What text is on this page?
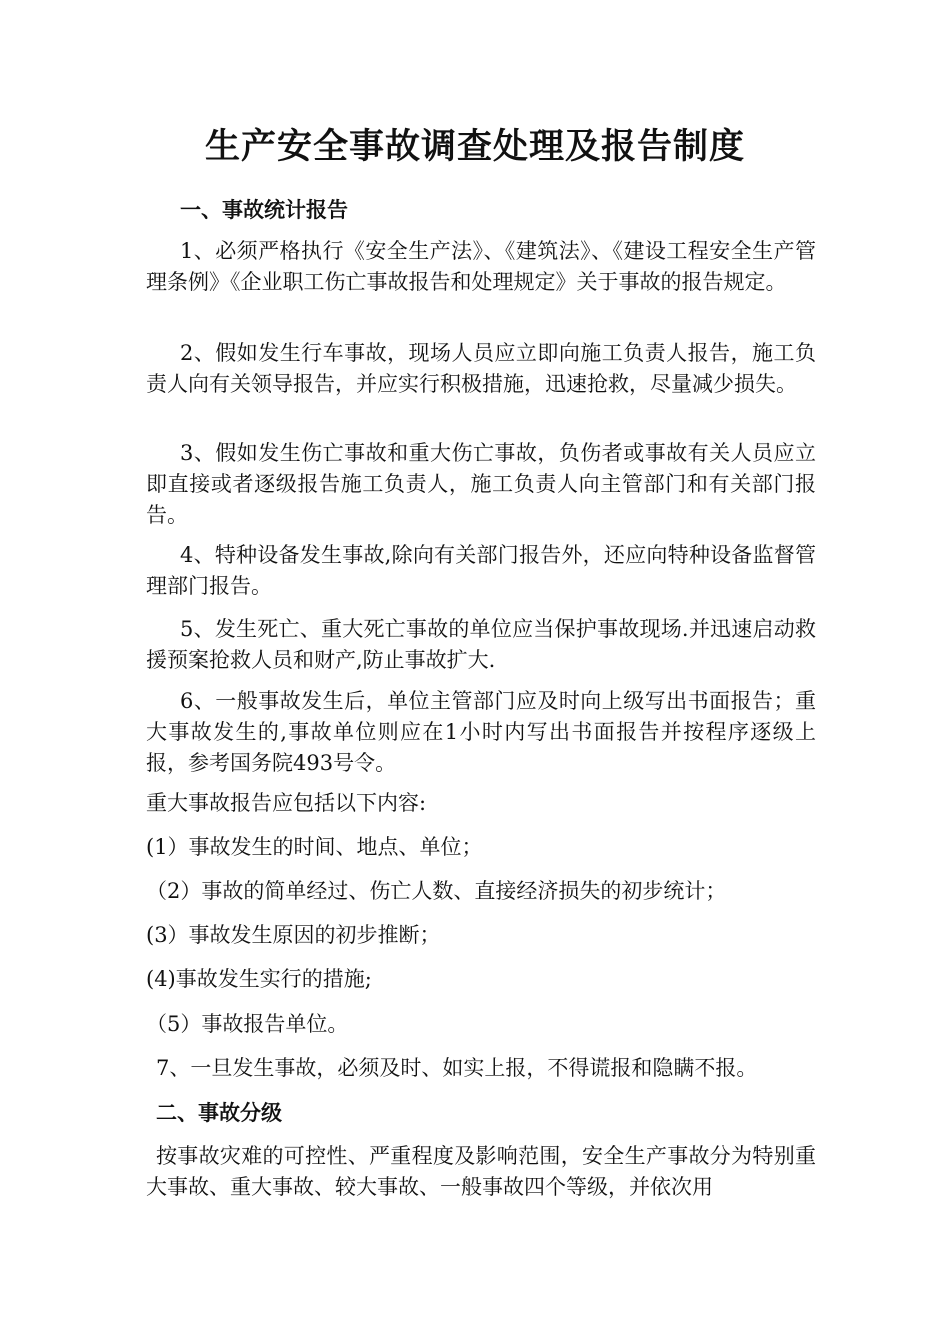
生产安全事故调查处理及报告制度
一、事故统计报告
1、必须严格执行《安全生产法》、《建筑法》、《建设工程安全生产管理条例》《企业职工伤亡事故报告和处理规定》关于事故的报告规定。
2、假如发生行车事故，现场人员应立即向施工负责人报告，施工负责人向有关领导报告，并应实行积极措施，迅速抢救，尽量减少损失。
3、假如发生伤亡事故和重大伤亡事故，负伤者或事故有关人员应立即直接或者逐级报告施工负责人，施工负责人向主管部门和有关部门报告。
4、特种设备发生事故,除向有关部门报告外，还应向特种设备监督管理部门报告。
5、发生死亡、重大死亡事故的单位应当保护事故现场.并迅速启动救援预案抢救人员和财产,防止事故扩大.
6、一般事故发生后，单位主管部门应及时向上级写出书面报告；重大事故发生的,事故单位则应在1小时内写出书面报告并按程序逐级上报，参考国务院493号令。
重大事故报告应包括以下内容:
(1）事故发生的时间、地点、单位；
（2）事故的简单经过、伤亡人数、直接经济损失的初步统计；
(3）事故发生原因的初步推断；
(4)事故发生实行的措施;
（5）事故报告单位。
7、一旦发生事故，必须及时、如实上报，不得谎报和隐瞒不报。
二、事故分级
按事故灾难的可控性、严重程度及影响范围，安全生产事故分为特别重大事故、重大事故、较大事故、一般事故四个等级，并依次用
